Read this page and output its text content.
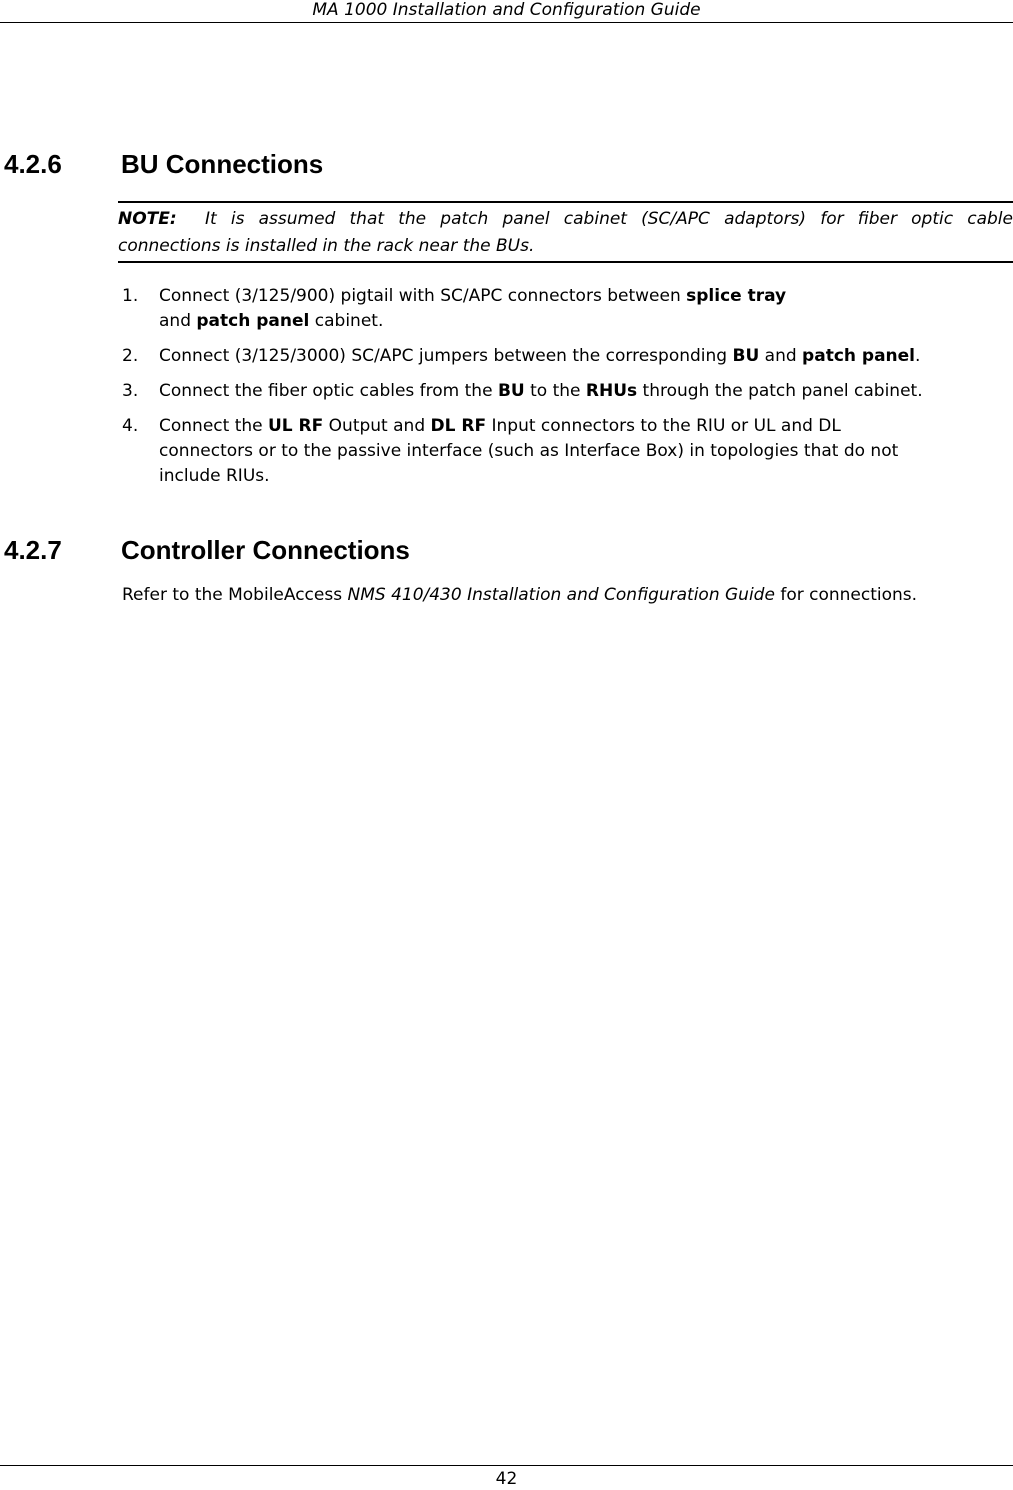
MA 1000 Installation and Configuration Guide
4.2.6 BU Connections
NOTE: It is assumed that the patch panel cabinet (SC/APC adaptors) for fiber optic cable
connections is installed in the rack near the BUs.
1.	Connect (3/125/900) pigtail with SC/APC connectors between splice tray
and patch panel cabinet.
2.	Connect (3/125/3000) SC/APC jumpers between the corresponding BU and patch panel.
3.	Connect the fiber optic cables from the BU to the RHUs through the patch panel cabinet.
4.	Connect the UL RF Output and DL RF Input connectors to the RIU or UL and DL
connectors or to the passive interface (such as Interface Box) in topologies that do not
include RIUs.
4.2.7 Controller Connections
Refer to the MobileAccess NMS 410/430 Installation and Configuration Guide for connections.
42
